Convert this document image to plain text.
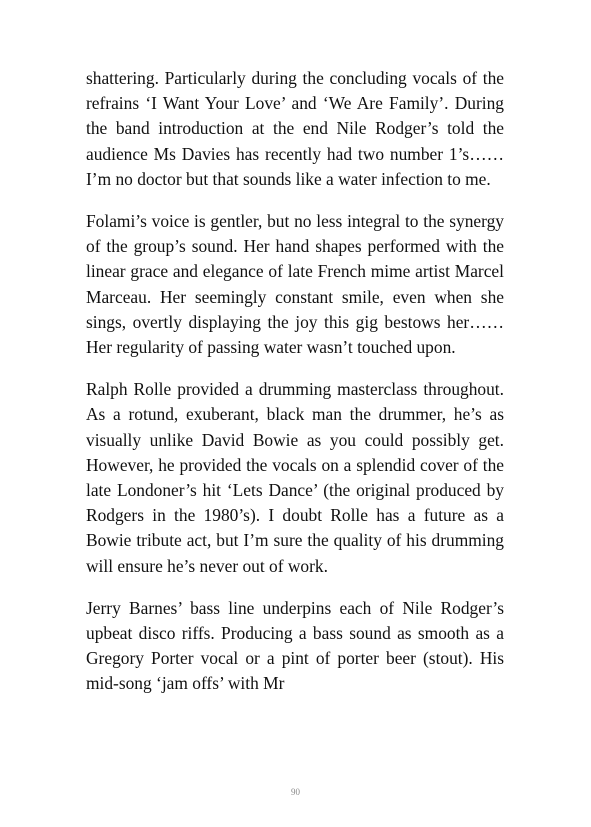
shattering. Particularly during the concluding vocals of the refrains ‘I Want Your Love’ and ‘We Are Family’. During the band introduction at the end Nile Rodger’s told the audience Ms Davies has recently had two number 1’s…… I’m no doctor but that sounds like a water infection to me.

Folami’s voice is gentler, but no less integral to the synergy of the group’s sound. Her hand shapes performed with the linear grace and elegance of late French mime artist Marcel Marceau. Her seemingly constant smile, even when she sings, overtly displaying the joy this gig bestows her…… Her regularity of passing water wasn’t touched upon.

Ralph Rolle provided a drumming masterclass throughout. As a rotund, exuberant, black man the drummer, he’s as visually unlike David Bowie as you could possibly get. However, he provided the vocals on a splendid cover of the late Londoner’s hit ‘Lets Dance’ (the original produced by Rodgers in the 1980’s). I doubt Rolle has a future as a Bowie tribute act, but I’m sure the quality of his drumming will ensure he’s never out of work.

Jerry Barnes’ bass line underpins each of Nile Rodger’s upbeat disco riffs. Producing a bass sound as smooth as a Gregory Porter vocal or a pint of porter beer (stout). His mid-song ‘jam offs’ with Mr

90
